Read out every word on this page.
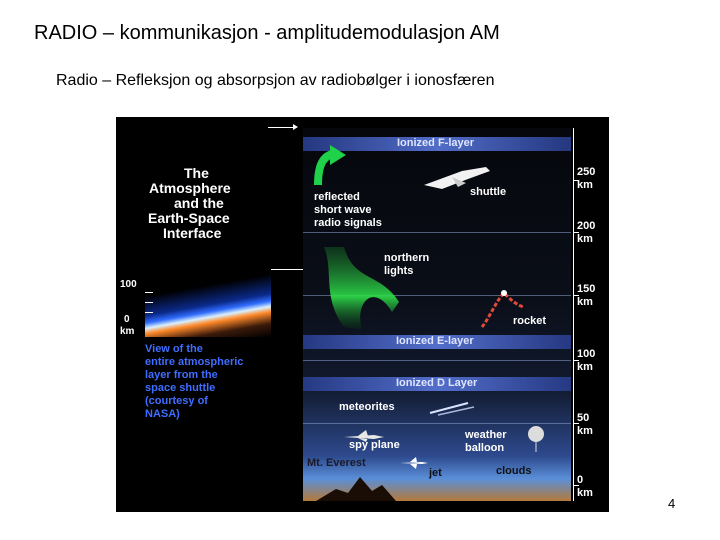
RADIO – kommunikasjon - amplitudemodulasjon AM
Radio – Refleksjon og absorpsjon av radiobølger i ionosfæren
The
Atmosphere
and the
Earth-Space
Interface
100
0
km
View of the
entire atmospheric
layer from the
space shuttle
(courtesy of
NASA)
Ionized F-layer
Ionized E-layer
Ionized D Layer
reflected
short wave
radio signals
shuttle
northern
lights
rocket
meteorites
spy plane
weather
balloon
Mt. Everest
jet	clouds
250
km
200
km
150
km
100
km
50
km
0
km
4
